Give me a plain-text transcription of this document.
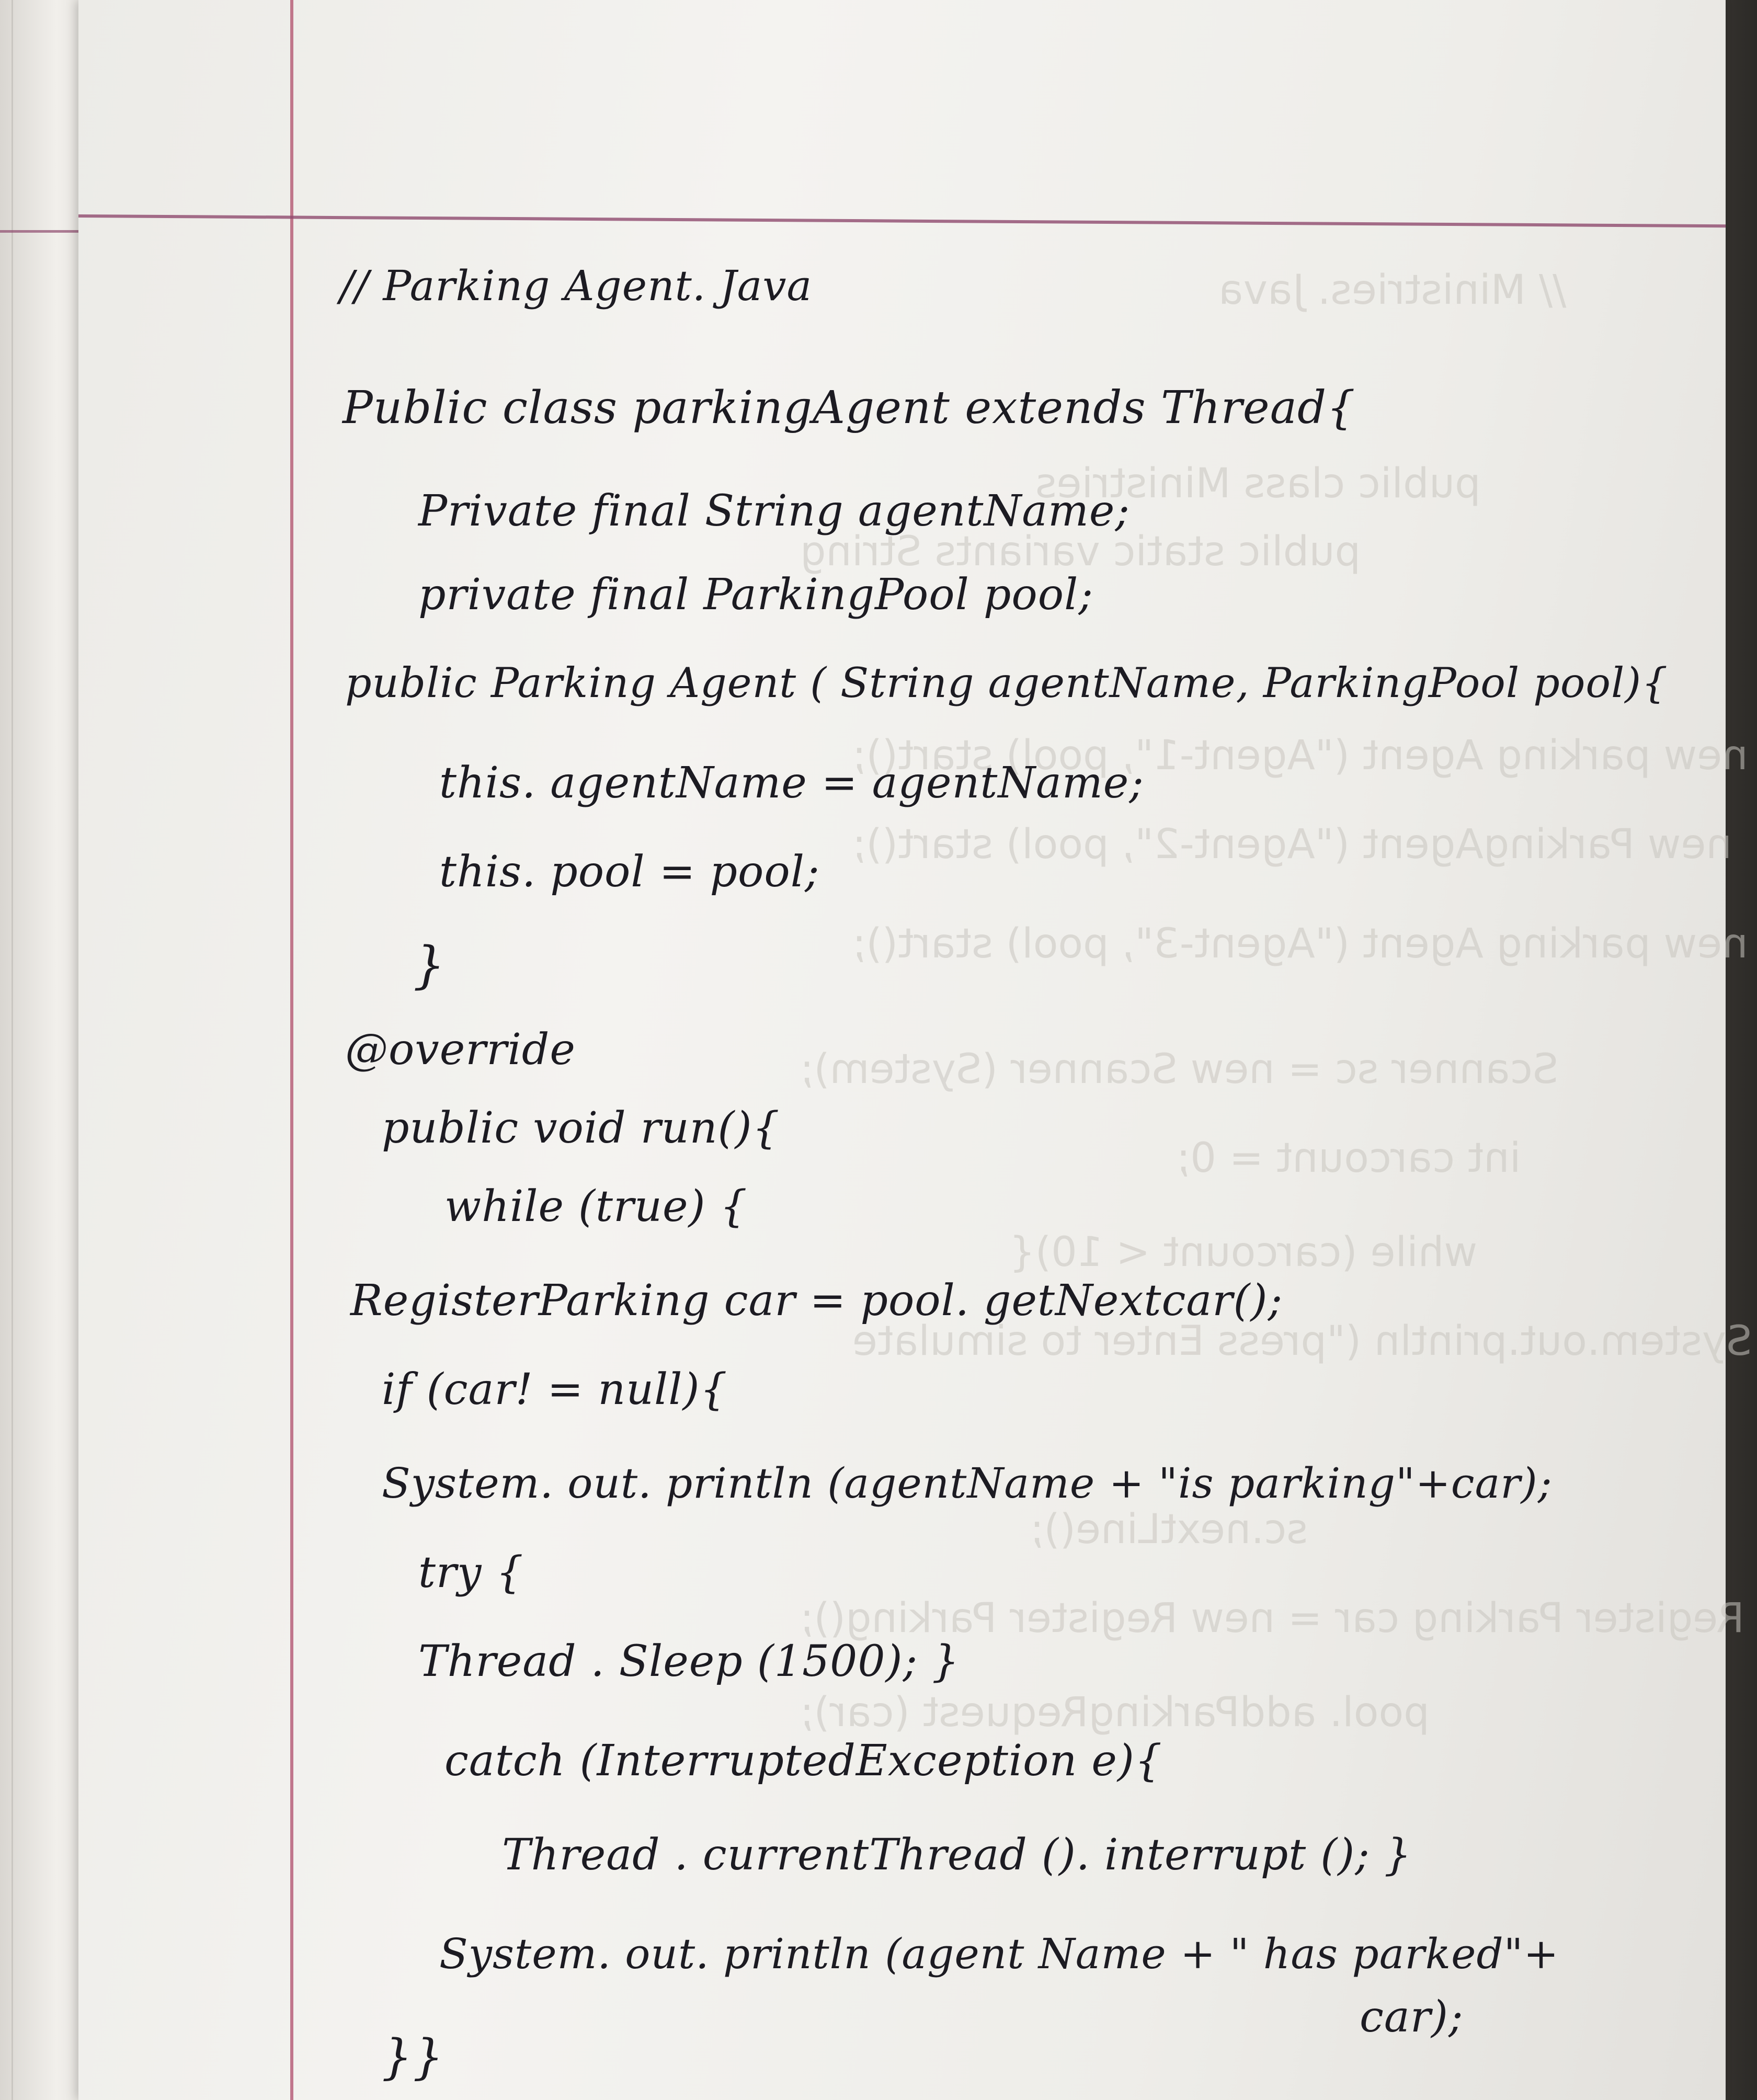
// Ministries. Java
public class Ministries
public static variants String
new parking Agent ("Agent-1", pool) start();
new ParkingAgent ("Agent-2", pool) start();
new parking Agent ("Agent-3", pool) start();
Scanner sc = new Scanner (System);
int carcount = 0;
while (carcount < 10){
System.out.println ("press Enter to simulate
sc.nextLine();
Register Parking car = new Register Parking();
pool. addParkingRequest (car);
// Parking Agent. Java
Public class parkingAgent extends Thread{
Private final String agentName;
private final ParkingPool pool;
public Parking Agent ( String agentName, ParkingPool pool){
this. agentName = agentName;
this. pool = pool;
}
@override
public void run(){
while (true) {
RegisterParking car = pool. getNextcar();
if (car! = null){
System. out. println (agentName + "is parking"+car);
try {
Thread . Sleep (1500); }
catch (InterruptedException e){
Thread . currentThread (). interrupt (); }
System. out. println (agent Name + " has parked"+
car);
}}
